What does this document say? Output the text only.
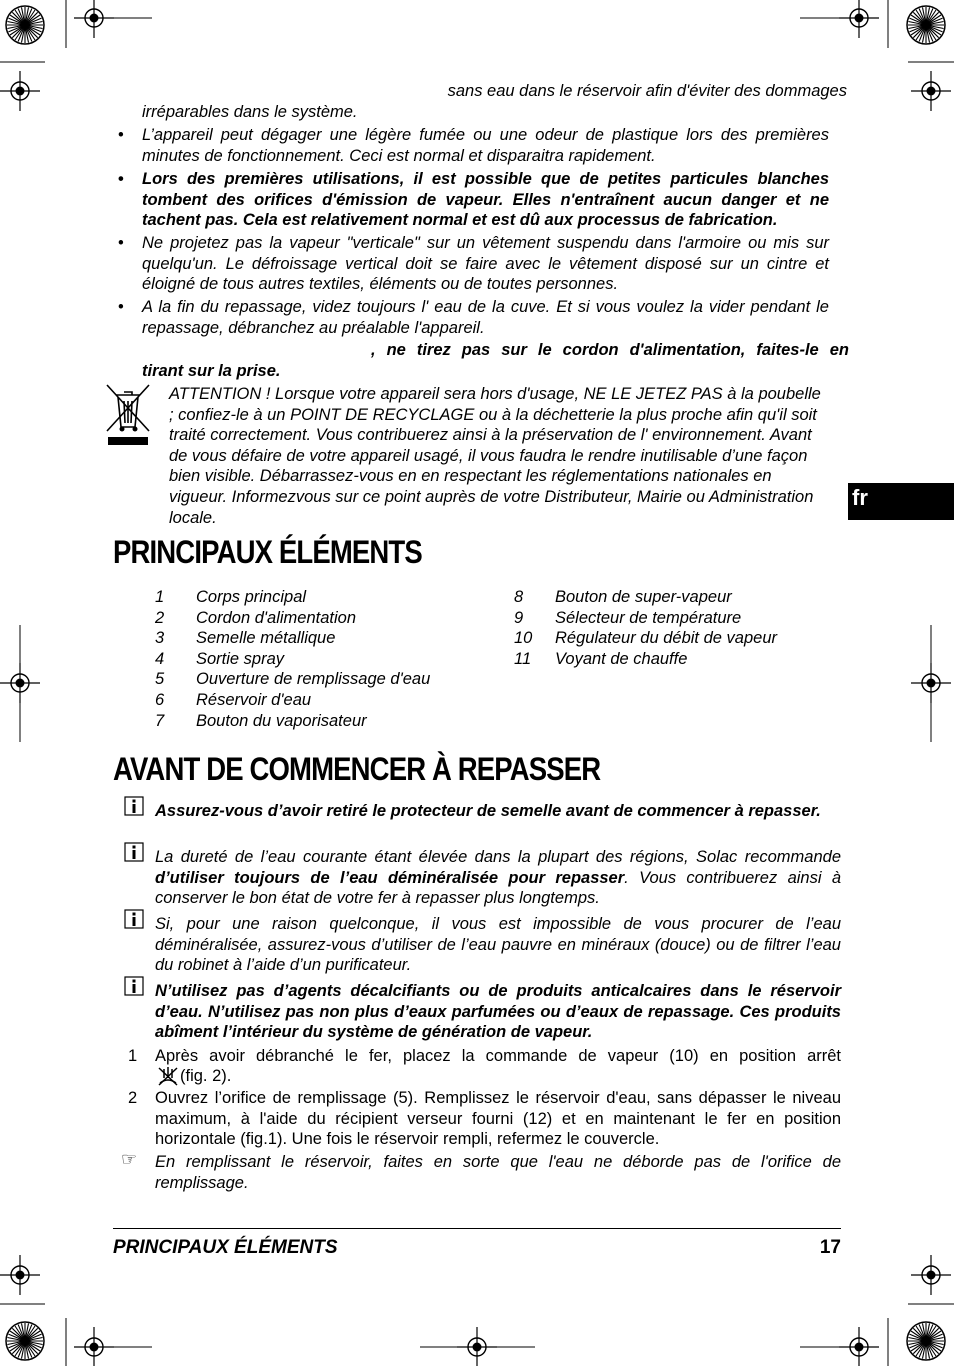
sans eau dans le réservoir afin d'éviter des dommages
irréparables dans le système.
•	L’appareil peut dégager une légère fumée ou une odeur de plastique lors des premières minutes de fonctionnement. Ceci est normal et disparaitra rapidement.
•	Lors des premières utilisations, il est possible que de petites particules blanches tombent des orifices d'émission de vapeur. Elles n'entraînent aucun danger et ne tachent pas. Cela est relativement normal et est dû aux processus de fabrication.
•	Ne projetez pas la vapeur "verticale" sur un vêtement suspendu dans l'armoire ou mis sur quelqu'un. Le défroissage vertical doit se faire avec le vêtement disposé sur un cintre et éloigné de tous autres textiles, éléments ou de toutes personnes.
•	A la fin du repassage, videz toujours l' eau de la cuve. Et si vous voulez la vider pendant le repassage, débranchez au préalable l'appareil.
, ne tirez pas sur le cordon d'alimentation, faites-le en
tirant sur la prise.
ATTENTION ! Lorsque votre appareil sera hors d'usage, NE LE JETEZ PAS à la poubelle ; confiez-le à un POINT DE RECYCLAGE ou à la déchetterie la plus proche afin qu'il soit traité correctement. Vous contribuerez ainsi à la préservation de l' environnement. Avant de vous défaire de votre appareil usagé, il vous faudra le rendre inutilisable d’une façon bien visible. Débarrassez-vous en en respectant les réglementations nationales en vigueur. Informezvous sur ce point auprès de votre Distributeur, Mairie ou Administration locale.
fr
PRINCIPAUX ÉLÉMENTS
1	Corps principal
2	Cordon d'alimentation
3	Semelle métallique
4	Sortie spray
5	Ouverture de remplissage d'eau
6	Réservoir d'eau
7	Bouton du vaporisateur
8	Bouton de super-vapeur
9	Sélecteur de température
10	Régulateur du débit de vapeur
11	Voyant de chauffe
AVANT DE COMMENCER À REPASSER
Assurez-vous d’avoir retiré le protecteur de semelle avant de commencer à repasser.
La dureté de l’eau courante étant élevée dans la plupart des régions, Solac recommande d’utiliser toujours de l’eau déminéralisée pour repasser. Vous contribuerez ainsi à conserver le bon état de votre fer à repasser plus longtemps.
Si, pour une raison quelconque, il vous est impossible de vous procurer de l’eau déminéralisée, assurez-vous d’utiliser de l’eau pauvre en minéraux (douce) ou de filtrer l’eau du robinet à l’aide d’un purificateur.
N’utilisez pas d’agents décalcifiants ou de produits anticalcaires dans le réservoir d’eau. N’utilisez pas non plus d’eaux parfumées ou d’eaux de repassage. Ces produits abîment l’intérieur du système de génération de vapeur.
1 Après avoir débranché le fer, placez la commande de vapeur (10) en position arrêt
(fig. 2).
2 Ouvrez l’orifice de remplissage (5). Remplissez le réservoir d'eau, sans dépasser le niveau maximum, à l'aide du récipient verseur fourni (12) et en maintenant le fer en position horizontale (fig.1). Une fois le réservoir rempli, refermez le couvercle.
☞ En remplissant le réservoir, faites en sorte que l'eau ne déborde pas de l'orifice de remplissage.
PRINCIPAUX ÉLÉMENTS	17
